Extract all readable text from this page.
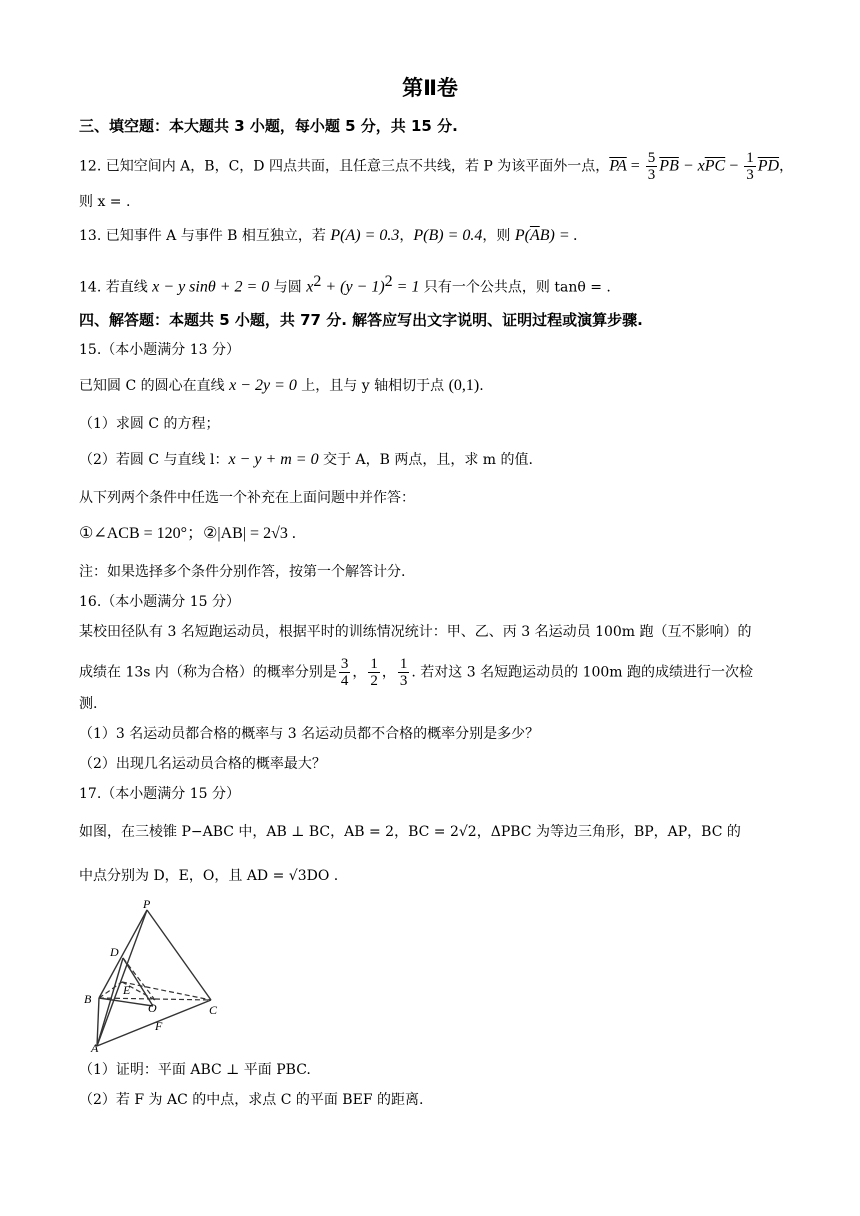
第Ⅱ卷
三、填空题：本大题共 3 小题，每小题 5 分，共 15 分.
12. 已知空间内 A，B，C，D 四点共面，且任意三点不共线，若 P 为该平面外一点，$\overline{PA} = \frac{5}{3} \overline{PB} - x\overline{PC} - \frac{1}{3} \overline{PD}$，
则 x = .
13. 已知事件 A 与事件 B 相互独立，若 P(A) = 0.3，P(B) = 0.4，则 $P(\overline{A}B)$ = .
14. 若直线 x − y sinθ + 2 = 0 与圆 $x^2 + (y - 1)^2 = 1$ 只有一个公共点，则 tanθ = .
四、解答题：本题共 5 小题，共 77 分. 解答应写出文字说明、证明过程或演算步骤.
15.（本小题满分 13 分）
已知圆 C 的圆心在直线 x − 2y = 0 上，且与 y 轴相切于点 (0,1).
（1）求圆 C 的方程；
（2）若圆 C 与直线 l：x − y + m = 0 交于 A，B 两点，且，求 m 的值.
从下列两个条件中任选一个补充在上面问题中并作答：
①∠ACB = 120°；②|AB| = 2√3 .
注：如果选择多个条件分别作答，按第一个解答计分.
16.（本小题满分 15 分）
某校田径队有 3 名短跑运动员，根据平时的训练情况统计：甲、乙、丙 3 名运动员 100m 跑（互不影响）的
成绩在 13s 内（称为合格）的概率分别是 $\frac{3}{4}$ ， $\frac{1}{2}$ ， $\frac{1}{3}$ . 若对这 3 名短跑运动员的 100m 跑的成绩进行一次检
测.
（1）3 名运动员都合格的概率与 3 名运动员都不合格的概率分别是多少？
（2）出现几名运动员合格的概率最大？
17.（本小题满分 15 分）
如图，在三棱锥 P−ABC 中，AB ⊥ BC，AB = 2，BC = 2√2，ΔPBC 为等边三角形，BP，AP，BC 的
中点分别为 D，E，O，且 AD = √3DO .
P
D
E
B
O	C
F
A
（1）证明：平面 ABC ⊥ 平面 PBC.
（2）若 F 为 AC 的中点，求点 C 的平面 BEF 的距离.
